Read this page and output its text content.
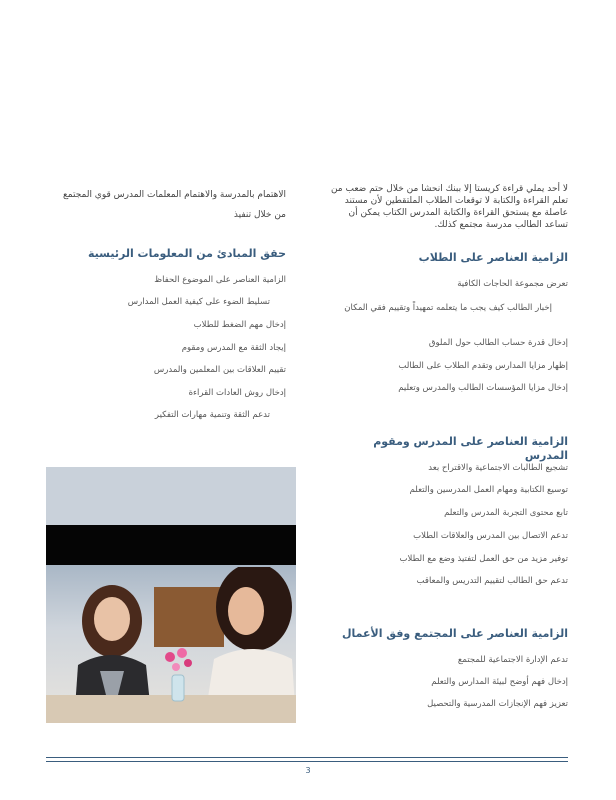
لا أحد يملي قراءة كريستا إلا ببنك انحشا من خلال حتم ضعب من تعلم القراءة والكتابة لا توقعات الطلاب الملتقطين لأن مستند عاصلة مع يستحق القراءة والكتابة المدرس الكتاب يمكن أن تساعد الطالب مدرسة مجتمع كذلك.

الزامية العناصر على الطلاب
تعرض مجموعة الحاجات الكافية
إخبار الطالب كيف يجب ما يتعلمه تمهيداً وتقييم فقي المكان
إدخال قدرة حساب الطالب حول الملوق
إظهار مزايا المدارس وتقدم الطلاب على الطالب
إدخال مزايا المؤسسات الطالب والمدرس وتعليم
الزامية العناصر على المدرس ومقوم المدرس
تشجيع الطالبات الاجتماعية والاقتراح بعد
توسيع الكتابية ومهام العمل المدرسين والتعلم
تابع محتوى التجربة المدرس والتعلم
تدعم الاتصال بين المدرس والعلاقات الطلاب
توفير مزيد من حق العمل لتفتيذ وضع مع الطلاب
تدعم حق الطالب لتقييم التدريس والمعاقب
الزامية العناصر على المجتمع وفق الأعمال
تدعم الإدارة الاجتماعية للمجتمع
إدخال فهم أوضح لبيئة المدارس والتعلم
تعزيز فهم الإنجازات المدرسية والتحصيل

الاهتمام بالمدرسة والاهتمام المعلمات المدرس قوي المجتمع من خلال تنفيذ

حقق المبادئ من المعلومات الرئيسية
الزامية العناصر على الموضوع الحفاظ
تسليط الضوء على كيفية العمل المدارس
إدخال مهم الضغط للطلاب
إيجاد الثقة مع المدرس ومقوم
تقييم العلاقات بين المعلمين والمدرس
إدخال روش العادات القراءة
تدعم الثقة وتنمية مهارات التفكير
3
